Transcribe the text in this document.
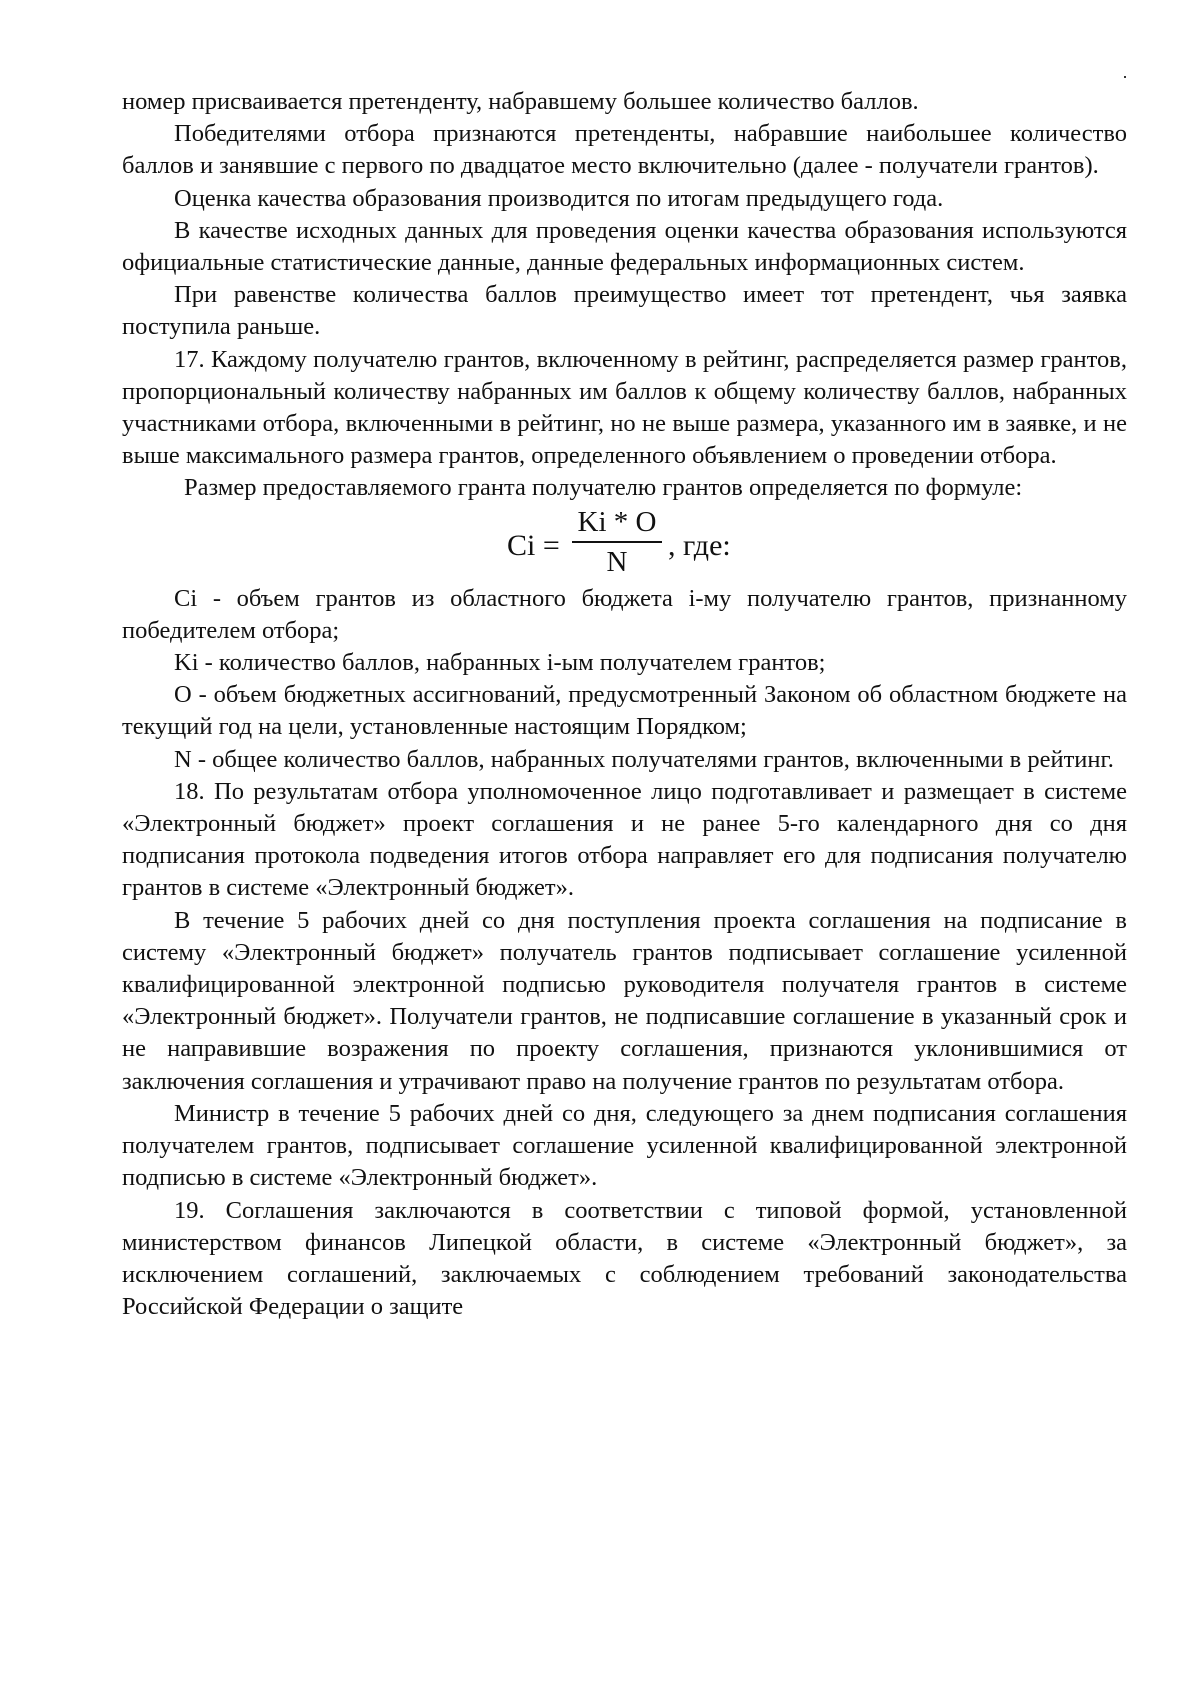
номер присваивается претенденту, набравшему большее количество баллов.

Победителями отбора признаются претенденты, набравшие наибольшее количество баллов и занявшие с первого по двадцатое место включительно (далее - получатели грантов).

Оценка качества образования производится по итогам предыдущего года.

В качестве исходных данных для проведения оценки качества образования используются официальные статистические данные, данные федеральных информационных систем.

При равенстве количества баллов преимущество имеет тот претендент, чья заявка поступила раньше.

17. Каждому получателю грантов, включенному в рейтинг, распределяется размер грантов, пропорциональный количеству набранных им баллов к общему количеству баллов, набранных участниками отбора, включенными в рейтинг, но не выше размера, указанного им в заявке, и не выше максимального размера грантов, определенного объявлением о проведении отбора.

Размер предоставляемого гранта получателю грантов определяется по формуле:

$Ci = \frac{Ki * O}{N}$ , где:

Ci - объем грантов из областного бюджета i-му получателю грантов, признанному победителем отбора;

Ki - количество баллов, набранных i-ым получателем грантов;

O - объем бюджетных ассигнований, предусмотренный Законом об областном бюджете на текущий год на цели, установленные настоящим Порядком;

N - общее количество баллов, набранных получателями грантов, включенными в рейтинг.

18. По результатам отбора уполномоченное лицо подготавливает и размещает в системе «Электронный бюджет» проект соглашения и не ранее 5-го календарного дня со дня подписания протокола подведения итогов отбора направляет его для подписания получателю грантов в системе «Электронный бюджет».

В течение 5 рабочих дней со дня поступления проекта соглашения на подписание в систему «Электронный бюджет» получатель грантов подписывает соглашение усиленной квалифицированной электронной подписью руководителя получателя грантов в системе «Электронный бюджет». Получатели грантов, не подписавшие соглашение в указанный срок и не направившие возражения по проекту соглашения, признаются уклонившимися от заключения соглашения и утрачивают право на получение грантов по результатам отбора.

Министр в течение 5 рабочих дней со дня, следующего за днем подписания соглашения получателем грантов, подписывает соглашение усиленной квалифицированной электронной подписью в системе «Электронный бюджет».

19. Соглашения заключаются в соответствии с типовой формой, установленной министерством финансов Липецкой области, в системе «Электронный бюджет», за исключением соглашений, заключаемых с соблюдением требований законодательства Российской Федерации о защите
